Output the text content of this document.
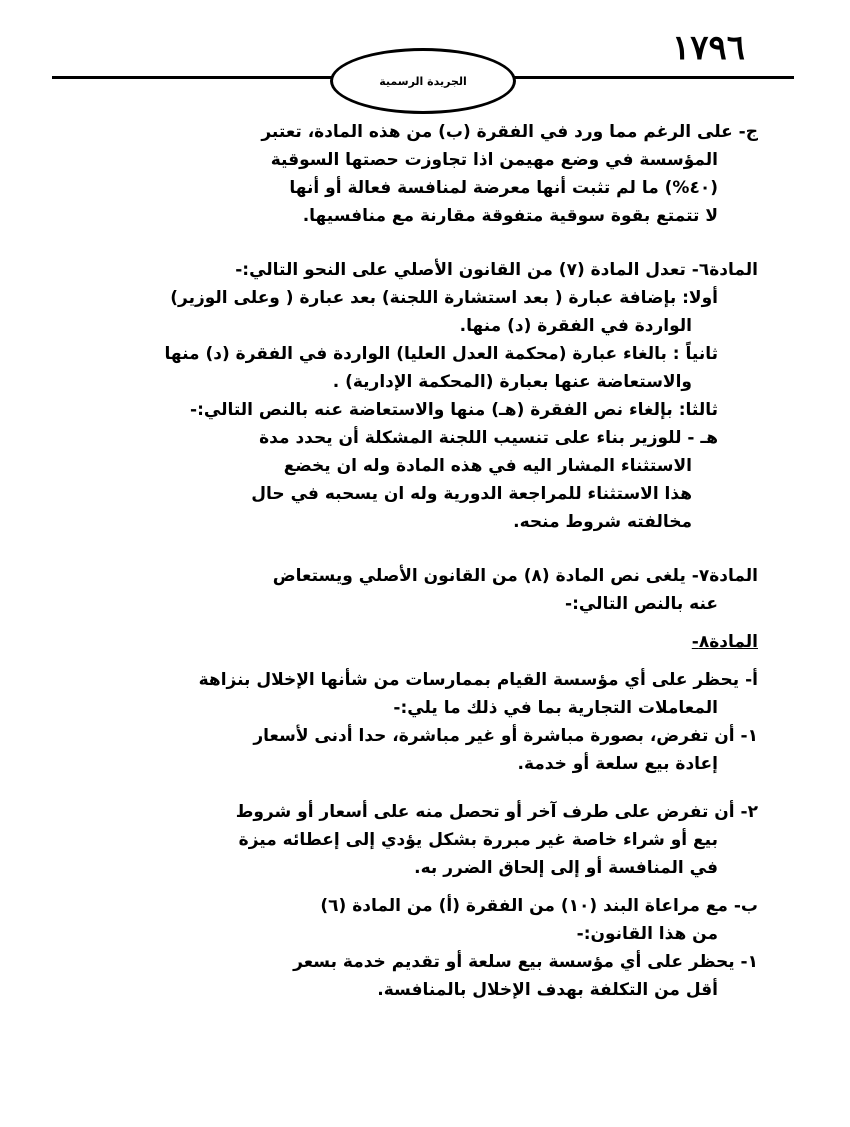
١٧٩٦
الجريدة الرسمية

ج- على الرغم مما ورد في الفقرة (ب) من هذه المادة، تعتبر

المؤسسة في وضع مهيمن اذا تجاوزت حصتها السوقية

(٤٠%) ما لم تثبت أنها معرضة لمنافسة فعالة أو أنها

لا تتمتع بقوة سوقية متفوقة مقارنة مع منافسيها.

المادة٦- تعدل المادة (٧) من القانون الأصلي على النحو التالي:-

أولا: بإضافة عبارة ( بعد استشارة اللجنة) بعد عبارة ( وعلى الوزير)

الواردة في الفقرة (د) منها.

ثانياً : بالغاء عبارة (محكمة العدل العليا) الواردة في الفقرة (د) منها

والاستعاضة عنها بعبارة (المحكمة الإدارية) .

ثالثا: بإلغاء نص الفقرة (هـ) منها والاستعاضة عنه بالنص التالي:-

هـ - للوزير بناء على تنسيب اللجنة المشكلة أن يحدد مدة

الاستثناء المشار اليه في هذه المادة وله ان يخضع

هذا الاستثناء للمراجعة الدورية وله ان يسحبه في حال

مخالفته شروط منحه.

المادة٧- يلغى نص المادة (٨) من القانون الأصلي ويستعاض

عنه بالنص التالي:-

المادة٨-

أ- يحظر على أي مؤسسة القيام بممارسات من شأنها الإخلال بنزاهة

المعاملات التجارية بما في ذلك ما يلي:-

١- أن تفرض، بصورة مباشرة أو غير مباشرة، حدا أدنى لأسعار

إعادة بيع سلعة أو خدمة.

٢- أن تفرض على طرف آخر أو تحصل منه على أسعار أو شروط

بيع أو شراء خاصة غير مبررة بشكل يؤدي إلى إعطائه ميزة

في المنافسة أو إلى إلحاق الضرر به.

ب- مع مراعاة البند (١٠) من الفقرة (أ) من المادة (٦)

من هذا القانون:-

١- يحظر على أي مؤسسة بيع سلعة أو تقديم خدمة بسعر

أقل من التكلفة بهدف الإخلال بالمنافسة.
